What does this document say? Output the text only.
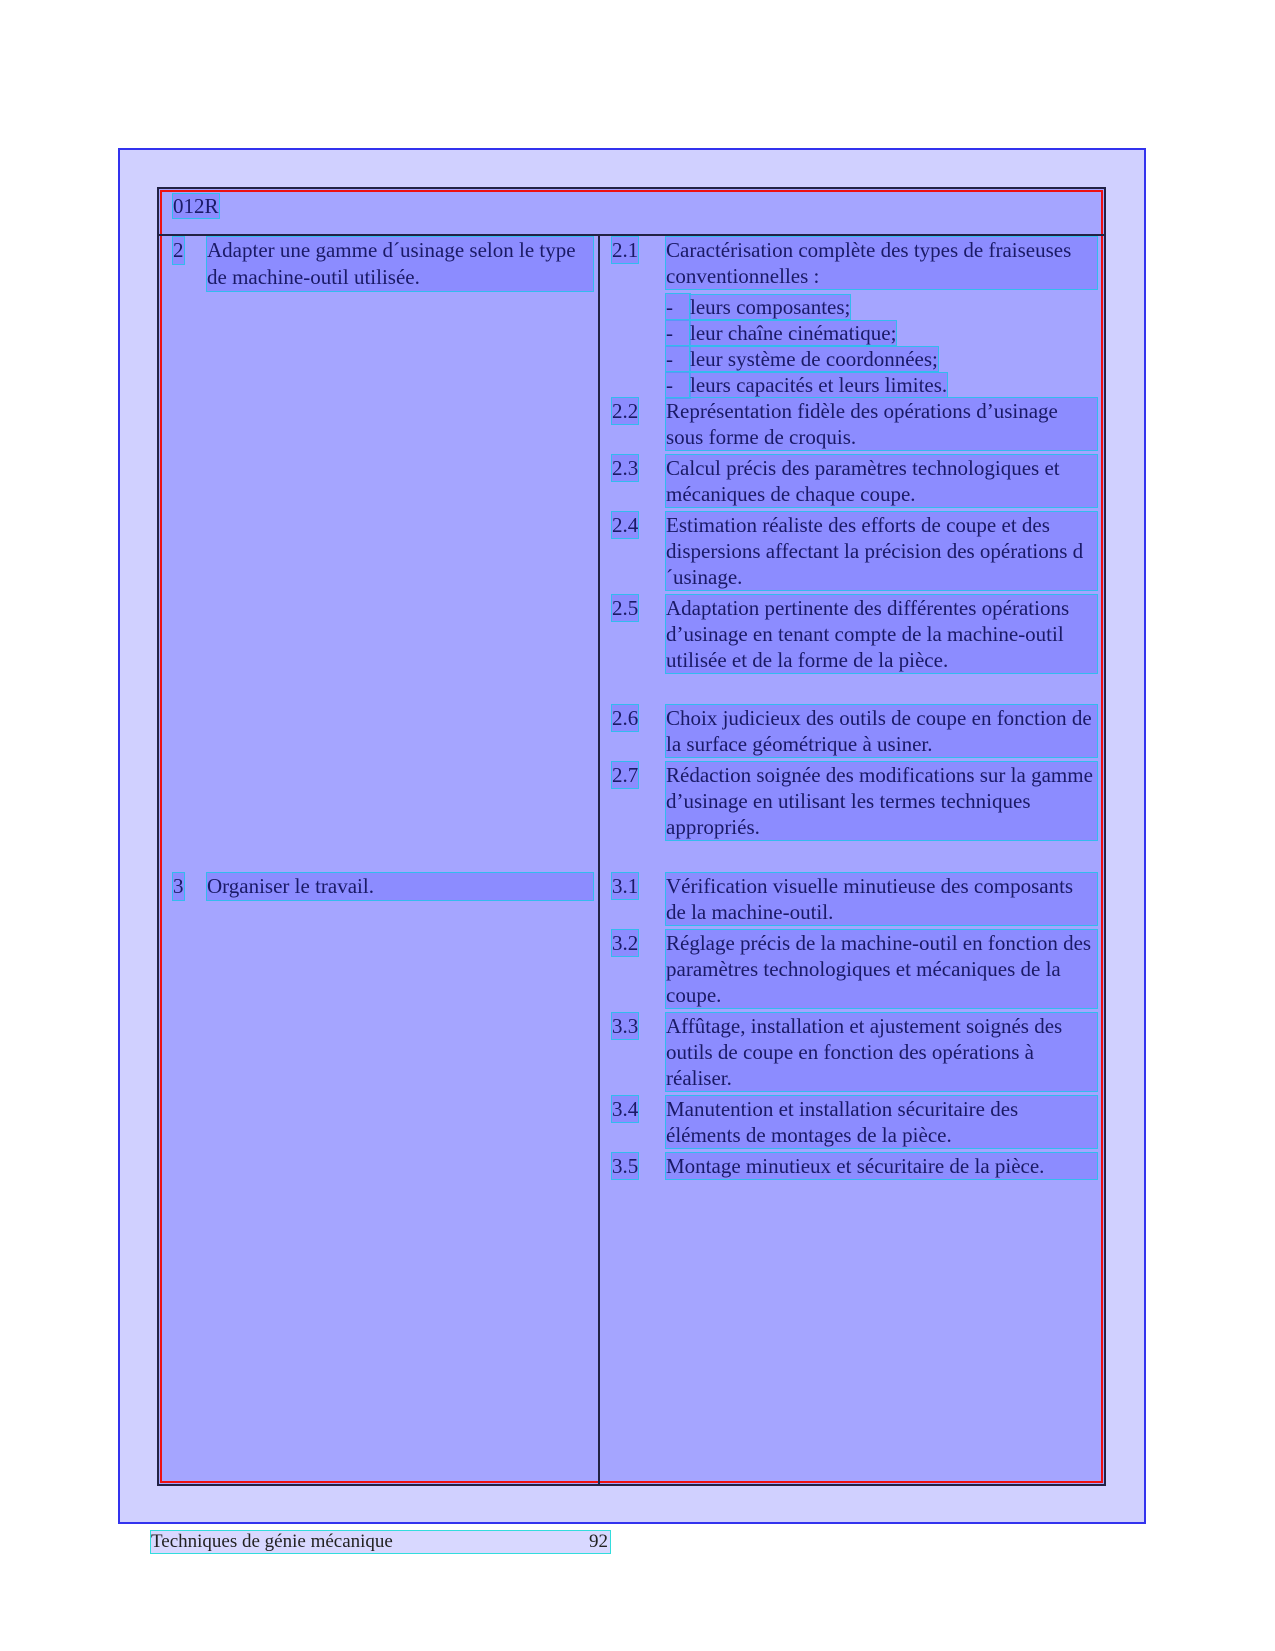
012R
2 Adapter une gamme d´usinage selon le type de machine-outil utilisée.
3 Organiser le travail.
2.1 Caractérisation complète des types de fraiseuses conventionnelles :
- leurs composantes;
- leur chaîne cinématique;
- leur système de coordonnées;
- leurs capacités et leurs limites.
2.2 Représentation fidèle des opérations d’usinage sous forme de croquis.
2.3 Calcul précis des paramètres technologiques et mécaniques de chaque coupe.
2.4 Estimation réaliste des efforts de coupe et des dispersions affectant la précision des opérations d´usinage.
2.5 Adaptation pertinente des différentes opérations d’usinage en tenant compte de la machine-outil utilisée et de la forme de la pièce.
2.6 Choix judicieux des outils de coupe en fonction de la surface géométrique à usiner.
2.7 Rédaction soignée des modifications sur la gamme d’usinage en utilisant les termes techniques appropriés.
3.1 Vérification visuelle minutieuse des composants de la machine-outil.
3.2 Réglage précis de la machine-outil en fonction des paramètres technologiques et mécaniques de la coupe.
3.3 Affûtage, installation et ajustement soignés des outils de coupe en fonction des opérations à réaliser.
3.4 Manutention et installation sécuritaire des éléments de montages de la pièce.
3.5 Montage minutieux et sécuritaire de la pièce.
Techniques de génie mécanique	92
